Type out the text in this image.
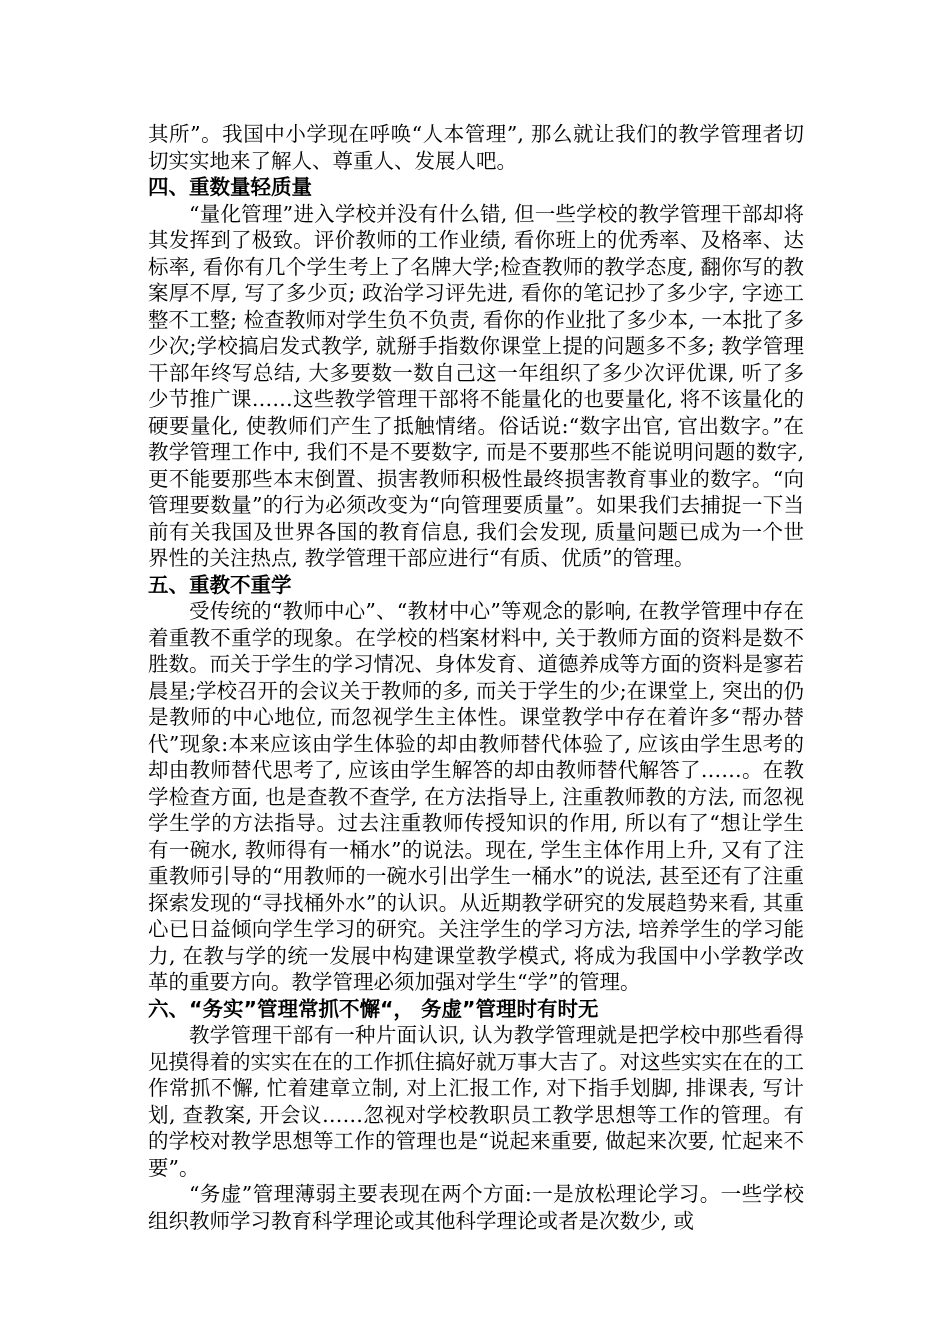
其所”。我国中小学现在呼唤“人本管理”, 那么就让我们的教学管理者切切实实地来了解人、尊重人、发展人吧。

四、重数量轻质量

“量化管理”进入学校并没有什么错, 但一些学校的教学管理干部却将其发挥到了极致。评价教师的工作业绩, 看你班上的优秀率、及格率、达标率, 看你有几个学生考上了名牌大学;检查教师的教学态度, 翻你写的教案厚不厚, 写了多少页; 政治学习评先进, 看你的笔记抄了多少字, 字迹工整不工整; 检查教师对学生负不负责, 看你的作业批了多少本, 一本批了多少次;学校搞启发式教学, 就掰手指数你课堂上提的问题多不多; 教学管理干部年终写总结, 大多要数一数自己这一年组织了多少次评优课, 听了多少节推广课……这些教学管理干部将不能量化的也要量化, 将不该量化的硬要量化, 使教师们产生了抵触情绪。俗话说:“数字出官, 官出数字。”在教学管理工作中, 我们不是不要数字, 而是不要那些不能说明问题的数字, 更不能要那些本末倒置、损害教师积极性最终损害教育事业的数字。“向管理要数量”的行为必须改变为“向管理要质量”。如果我们去捕捉一下当前有关我国及世界各国的教育信息, 我们会发现, 质量问题已成为一个世界性的关注热点, 教学管理干部应进行“有质、优质”的管理。

五、重教不重学

受传统的“教师中心”、“教材中心”等观念的影响, 在教学管理中存在着重教不重学的现象。在学校的档案材料中, 关于教师方面的资料是数不胜数。而关于学生的学习情况、身体发育、道德养成等方面的资料是寥若晨星;学校召开的会议关于教师的多, 而关于学生的少;在课堂上, 突出的仍是教师的中心地位, 而忽视学生主体性。课堂教学中存在着许多“帮办替代”现象:本来应该由学生体验的却由教师替代体验了, 应该由学生思考的却由教师替代思考了, 应该由学生解答的却由教师替代解答了……。在教学检查方面, 也是查教不查学, 在方法指导上, 注重教师教的方法, 而忽视学生学的方法指导。过去注重教师传授知识的作用, 所以有了“想让学生有一碗水, 教师得有一桶水”的说法。现在, 学生主体作用上升, 又有了注重教师引导的“用教师的一碗水引出学生一桶水”的说法, 甚至还有了注重探索发现的“寻找桶外水”的认识。从近期教学研究的发展趋势来看, 其重心已日益倾向学生学习的研究。关注学生的学习方法, 培养学生的学习能力, 在教与学的统一发展中构建课堂教学模式, 将成为我国中小学教学改革的重要方向。教学管理必须加强对学生“学”的管理。

六、“务实”管理常抓不懈“， 务虚”管理时有时无

教学管理干部有一种片面认识, 认为教学管理就是把学校中那些看得见摸得着的实实在在的工作抓住搞好就万事大吉了。对这些实实在在的工作常抓不懈, 忙着建章立制, 对上汇报工作, 对下指手划脚, 排课表, 写计划, 查教案, 开会议……忽视对学校教职员工教学思想等工作的管理。有的学校对教学思想等工作的管理也是“说起来重要, 做起来次要, 忙起来不要”。

“务虚”管理薄弱主要表现在两个方面:一是放松理论学习。一些学校组织教师学习教育科学理论或其他科学理论或者是次数少, 或
